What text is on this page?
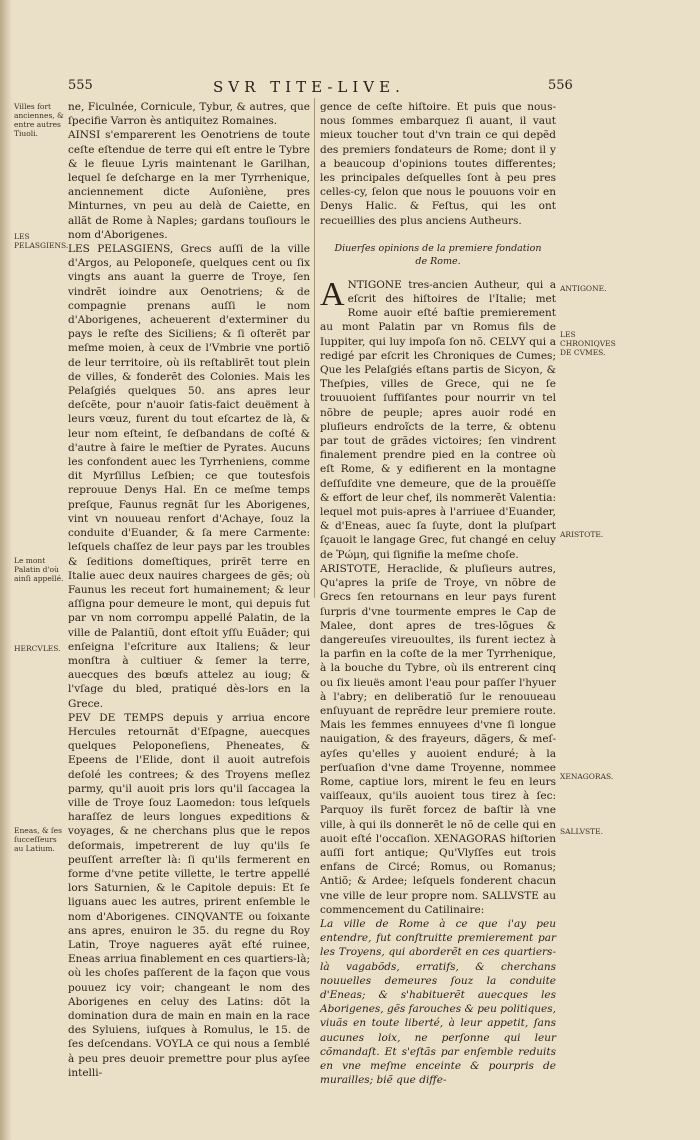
555	SVR TITE-LIVE.	556

ne, Ficulnée, Cornicule, Tybur, & autres, que ſpecifie Varron ès antiquitez Romaines.

AINSI s'emparerent les Oenotriens de toute ceſte eſtendue de terre qui eſt entre le Tybre & le fleuue Lyris maintenant le Garilhan, lequel ſe deſcharge en la mer Tyrrhenique, anciennement dicte Auſoniène, pres Minturnes, vn peu au delà de Caiette, en allãt de Rome à Naples; gardans touſiours le nom d'Aborigenes.

LES PELASGIENS, Grecs auſſi de la ville d'Argos, au Peloponeſe, quelques cent ou ſix vingts ans auant la guerre de Troye, ſen vindrẽt ioindre aux Oenotriens; & de compagnie prenans auſſi le nom d'Aborigenes, acheuerent d'exterminer du pays le reſte des Siciliens; & ſi oſterẽt par meſme moien, à ceux de l'Vmbrie vne portiõ de leur territoire, où ils reſtablirẽt tout plein de villes, & fonderẽt des Colonies. Mais les Pelaſgiés quelques 50. ans apres leur deſcẽte, pour n'auoir ſatis-faict deuëment à leurs vœuz, furent du tout eſcartez de là, & leur nom eſteint, ſe deſbandans de coſté & d'autre à faire le meſtier de Pyrates. Aucuns les confondent auec les Tyrrheniens, comme dit Myrſillus Leſbien; ce que toutesfois reprouue Denys Hal. En ce meſme temps preſque, Faunus regnãt ſur les Aborigenes, vint vn nouueau renfort d'Achaye, ſouz la conduite d'Euander, & ſa mere Carmente: leſquels chaſſez de leur pays par les troubles & ſeditions domeſtiques, prirẽt terre en Italie auec deux nauires chargees de gẽs; où Faunus les receut fort humainement; & leur aſſigna pour demeure le mont, qui depuis fut par vn nom corrompu appellé Palatin, de la ville de Palantiũ, dont eſtoit yſſu Euãder; qui enſeigna l'eſcriture aux Italiens; & leur monſtra à cultiuer & ſemer la terre, auecques des bœufs attelez au ioug; & l'vſage du bled, pratiqué dès-lors en la Grece.

PEV DE TEMPS depuis y arriua encore Hercules retournãt d'Eſpagne, auecques quelques Peloponeſiens, Pheneates, & Epeens de l'Elide, dont il auoit autrefois deſolé les contrees; & des Troyens meſlez parmy, qu'il auoit pris lors qu'il ſaccagea la ville de Troye ſouz Laomedon: tous leſquels haraſſez de leurs longues expeditions & voyages, & ne cherchans plus que le repos deſormais, impetrerent de luy qu'ils ſe peuſſent arreſter là: ſi qu'ils fermerent en forme d'vne petite villette, le tertre appellé lors Saturnien, & le Capitole depuis: Et ſe liguans auec les autres, prirent enſemble le nom d'Aborigenes. CINQVANTE ou ſoixante ans apres, enuiron le 35. du regne du Roy Latin, Troye naguеres ayãt eſté ruinee, Eneas arriua finablement en ces quartiers-là; où les choſes paſſerent de la façon que vous pouuez icy voir; changeant le nom des Aborigenes en celuy des Latins: dõt la domination dura de main en main en la race des Syluiens, iuſques à Romulus, le 15. de ſes deſcendans. VOYLA ce qui nous a ſemblé à peu pres deuoir premettre pour plus ayſee intelli-

gence de ceſte hiſtoire. Et puis que nous-nous ſommes embarquez ſi auant, il vaut mieux toucher tout d'vn train ce qui depẽd des premiers fondateurs de Rome; dont il y a beaucoup d'opinions toutes differentes; les principales deſquelles ſont à peu pres celles-cy, ſelon que nous le pouuons voir en Denys Halic. & Feſtus, qui les ont recueillies des plus anciens Autheurs.

Diuerſes opinions de la premiere fondation de Rome.

A NTIGONE tres-ancien Autheur, qui a eſcrit des hiſtoires de l'Italie; met Rome auoir eſté baſtie premierement au mont Palatin par vn Romus fils de Iuppiter, qui luy impoſa ſon nõ. CELVY qui a redigé par eſcrit les Chroniques de Cumes; Que les Pelaſgiés eſtans partis de Sicyon, & Theſpies, villes de Grece, qui ne ſe trouuoient ſuffiſantes pour nourrir vn tel nõbre de peuple; apres auoir rodé en pluſieurs endroĩcts de la terre, & obtenu par tout de grãdes victoires; ſen vindrent finalement prendre pied en la contree où eſt Rome, & y edifierent en la montagne deſſuſdite vne demeure, que de la prouëſſe & effort de leur chef, ils nommerẽt Valentia: lequel mot puis-apres à l'arriuee d'Euander, & d'Eneas, auec ſa ſuyte, dont la pluſpart ſçauoit le langage Grec, fut changé en celuy de Ῥώμη, qui ſignifie la meſme choſe.

ARISTOTE, Heraclide, & pluſieurs autres, Qu'apres la priſe de Troye, vn nõbre de Grecs ſen retournans en leur pays furent ſurpris d'vne tourmente empres le Cap de Malee, dont apres de tres-lõgues & dangereuſes vireuoultes, ils furent iectez à la parfin en la coſte de la mer Tyrrhenique, à la bouche du Tybre, où ils entrerent cinq ou ſix lieuës amont l'eau pour paſſer l'hyuer à l'abry; en deliberatiõ ſur le renouueau enſuyuant de reprẽdre leur premiere route. Mais les femmes ennuyees d'vne ſi longue nauigation, & des frayeurs, dãgers, & meſ-ayſes qu'elles y auoient enduré; à la perſuaſion d'vne dame Troyenne, nommee Rome, captiue lors, mirent le feu en leurs vaiſſeaux, qu'ils auoient tous tirez à ſec: Parquoy ils furẽt forcez de baſtir là vne ville, à qui ils donnerẽt le nõ de celle qui en auoit eſté l'occaſion. XENAGORAS hiſtorien auſſi fort antique; Qu'Vlyſſes eut trois enfans de Circé; Romus, ou Romanus; Antiõ; & Ardee; leſquels fonderent chacun vne ville de leur propre nom. SALLVSTE au commencement du Catilinaire:

La ville de Rome à ce que i'ay peu entendre, fut conſtruitte premierement par les Troyens, qui aborderẽt en ces quartiers-là vagabõds, erratifs, & cherchans nouuelles demeures ſouz la conduite d'Eneas; & s'habituerẽt auecques les Aborigenes, gẽs farouches & peu politiques, viuãs en toute liberté, à leur appetit, ſans aucunes loix, ne perſonne qui leur cõmandaſt. Et s'eſtãs par enſemble reduits en vne meſme enceinte & pourpris de murailles; biẽ que diffe-

Villes fort anciennes, & entre autres Tiuoli.
LES PELASGIENS.
Le mont Palatin d'où ainſi appellé.
HERCVLES.
Eneas, & ſes ſucceſſeurs au Latium.
ANTIGONE.
LES CHRONIQVES DE CVMES.
ARISTOTE.
XENAGORAS.
SALLVSTE.
